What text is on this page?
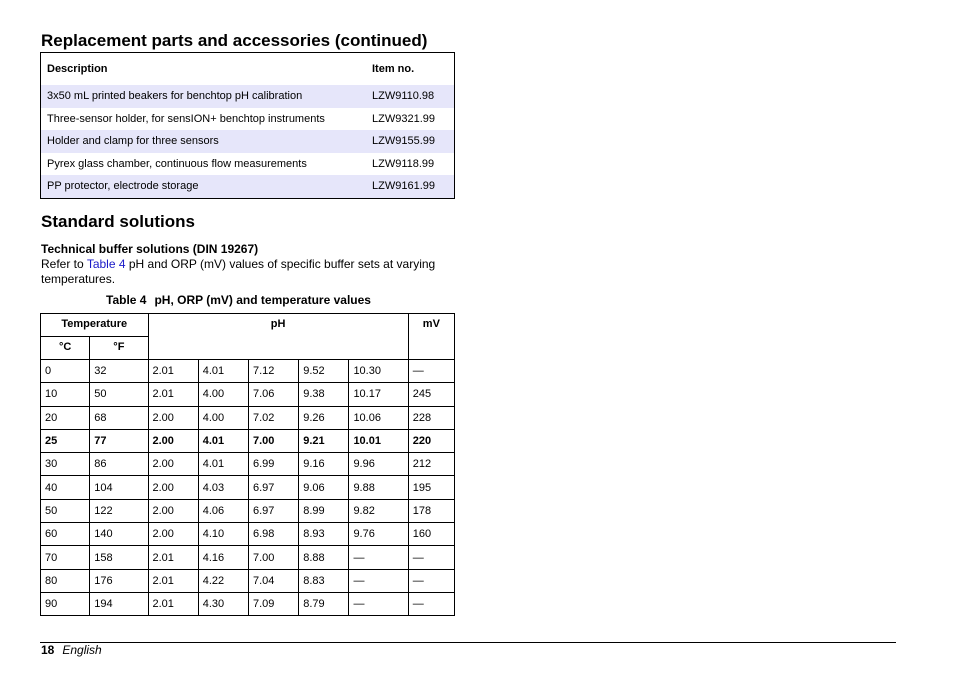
Replacement parts and accessories (continued)
Description	Item no.
3x50 mL printed beakers for benchtop pH calibration	LZW9110.98
Three-sensor holder, for sensION+ benchtop instruments	LZW9321.99
Holder and clamp for three sensors	LZW9155.99
Pyrex glass chamber, continuous flow measurements	LZW9118.99
PP protector, electrode storage	LZW9161.99
Standard solutions
Technical buffer solutions (DIN 19267)
Refer to Table 4 pH and ORP (mV) values of specific buffer sets at varying temperatures.
Table 4 pH, ORP (mV) and temperature values
Temperature		pH					mV
°C	°F						
0	32	2.01	4.01	7.12	9.52	10.30	—
10	50	2.01	4.00	7.06	9.38	10.17	245
20	68	2.00	4.00	7.02	9.26	10.06	228
25	77	2.00	4.01	7.00	9.21	10.01	220
30	86	2.00	4.01	6.99	9.16	9.96	212
40	104	2.00	4.03	6.97	9.06	9.88	195
50	122	2.00	4.06	6.97	8.99	9.82	178
60	140	2.00	4.10	6.98	8.93	9.76	160
70	158	2.01	4.16	7.00	8.88	—	—
80	176	2.01	4.22	7.04	8.83	—	—
90	194	2.01	4.30	7.09	8.79	—	—
18 English
